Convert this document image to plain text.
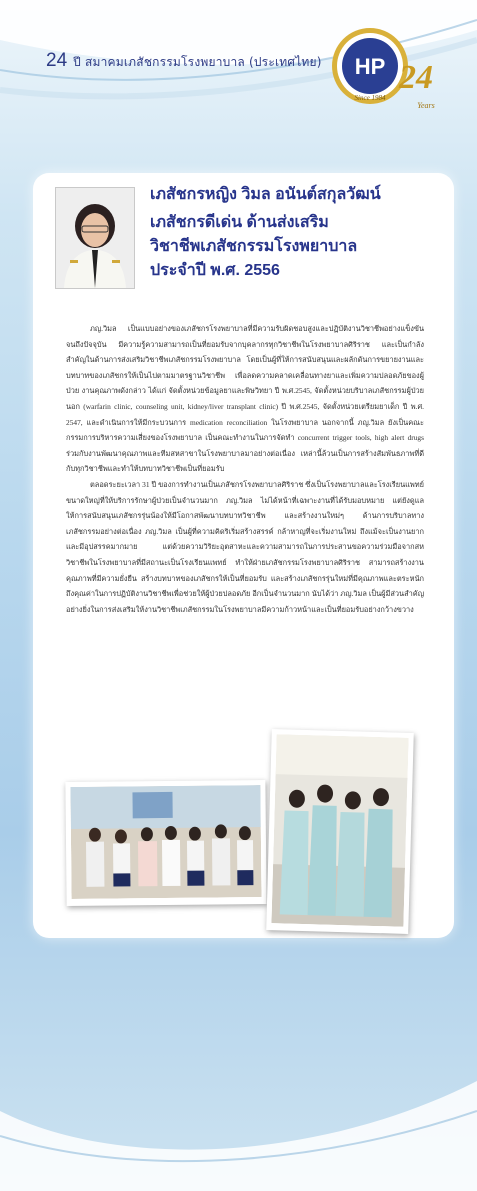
24 ปี สมาคมเภสัชกรรมโรงพยาบาล (ประเทศไทย) HP
Since 1984
24
Years
เภสัชกรหญิง วิมล อนันต์สกุลวัฒน์
เภสัชกรดีเด่น ด้านส่งเสริม
วิชาชีพเภสัชกรรมโรงพยาบาล
ประจำปี พ.ศ. 2556

ภญ.วิมล เป็นแบบอย่างของเภสัชกรโรงพยาบาลที่มีความรับผิดชอบสูงและปฏิบัติงานวิชาชีพอย่างแข็งขันจนถึงปัจจุบัน มีความรู้ความสามารถเป็นที่ยอมรับจากบุคลากรทุกวิชาชีพในโรงพยาบาลศิริราช และเป็นกำลังสำคัญในด้านการส่งเสริมวิชาชีพเภสัชกรรมโรงพยาบาล โดยเป็นผู้ที่ให้การสนับสนุนและผลักดันการขยายงานและบทบาทของเภสัชกรให้เป็นไปตามมาตรฐานวิชาชีพ เพื่อลดความคลาดเคลื่อนทางยาและเพิ่มความปลอดภัยของผู้ป่วย งานคุณภาพดังกล่าว ได้แก่ จัดตั้งหน่วยข้อมูลยาและพิษวิทยา ปี พ.ศ.2545, จัดตั้งหน่วยบริบาลเภสัชกรรมผู้ป่วยนอก (warfarin clinic, counseling unit, kidney/liver transplant clinic) ปี พ.ศ.2545, จัดตั้งหน่วยเตรียมยาเด็ก ปี พ.ศ. 2547, และดำเนินการให้มีกระบวนการ medication reconciliation ในโรงพยาบาล นอกจากนี้ ภญ.วิมล ยังเป็นคณะกรรมการบริหารความเสี่ยงของโรงพยาบาล เป็นคณะทำงานในการจัดทำ concurrent trigger tools, high alert drugs ร่วมกับงานพัฒนาคุณภาพและทีมสหสาขาในโรงพยาบาลมาอย่างต่อเนื่อง เหล่านี้ล้วนเป็นการสร้างสัมพันธภาพที่ดีกับทุกวิชาชีพและทำให้บทบาทวิชาชีพเป็นที่ยอมรับ

ตลอดระยะเวลา 31 ปี ของการทำงานเป็นเภสัชกรโรงพยาบาลศิริราช ซึ่งเป็นโรงพยาบาลและโรงเรียนแพทย์ขนาดใหญ่ที่ให้บริการรักษาผู้ป่วยเป็นจำนวนมาก ภญ.วิมล ไม่ได้หน้าที่เฉพาะงานที่ได้รับมอบหมาย แต่ยังดูแลให้การสนับสนุนเภสัชกรรุ่นน้องให้มีโอกาสพัฒนาบทบาทวิชาชีพ และสร้างงานใหม่ๆ ด้านการบริบาลทางเภสัชกรรมอย่างต่อเนื่อง ภญ.วิมล เป็นผู้ที่ความคิดริเริ่มสร้างสรรค์ กล้าหาญที่จะเริ่มงานใหม่ ถึงแม้จะเป็นงานยากและมีอุปสรรคมากมาย แต่ด้วยความวิริยะอุตสาหะและความสามารถในการประสานขอความร่วมมือจากสหวิชาชีพในโรงพยาบาลที่มีสถานะเป็นโรงเรียนแพทย์ ทำให้ฝ่ายเภสัชกรรมโรงพยาบาลศิริราช สามารถสร้างงานคุณภาพที่มีความยั่งยืน สร้างบทบาทของเภสัชกรให้เป็นที่ยอมรับ และสร้างเภสัชกรรุ่นใหม่ที่มีคุณภาพและตระหนักถึงคุณค่าในการปฏิบัติงานวิชาชีพเพื่อช่วยให้ผู้ป่วยปลอดภัย อีกเป็นจำนวนมาก นับได้ว่า ภญ.วิมล เป็นผู้มีส่วนสำคัญอย่างยิ่งในการส่งเสริมให้งานวิชาชีพเภสัชกรรมในโรงพยาบาลมีความก้าวหน้าและเป็นที่ยอมรับอย่างกว้างขวาง
